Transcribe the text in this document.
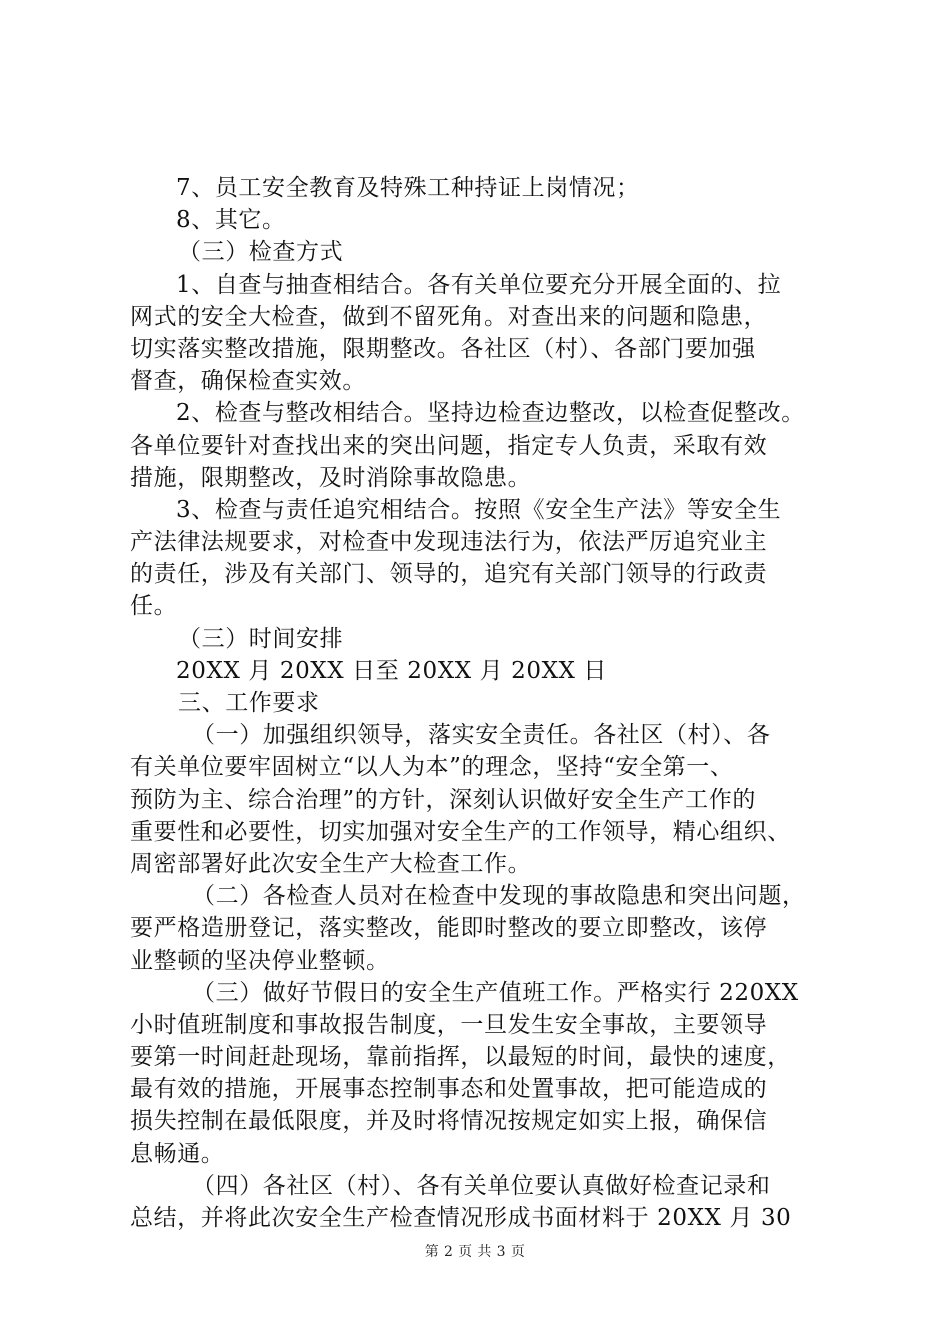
7、员工安全教育及特殊工种持证上岗情况；
8、其它。
（三）检查方式
1、自查与抽查相结合。各有关单位要充分开展全面的、拉
网式的安全大检查，做到不留死角。对查出来的问题和隐患，
切实落实整改措施，限期整改。各社区（村）、各部门要加强
督查，确保检查实效。
2、检查与整改相结合。坚持边检查边整改，以检查促整改。
各单位要针对查找出来的突出问题，指定专人负责，采取有效
措施，限期整改，及时消除事故隐患。
3、检查与责任追究相结合。按照《安全生产法》等安全生
产法律法规要求，对检查中发现违法行为，依法严厉追究业主
的责任，涉及有关部门、领导的，追究有关部门领导的行政责
任。
（三）时间安排
20XX 月 20XX 日至 20XX 月 20XX 日
三、工作要求
（一）加强组织领导，落实安全责任。各社区（村）、各
有关单位要牢固树立“以人为本”的理念，坚持“安全第一、
预防为主、综合治理”的方针，深刻认识做好安全生产工作的
重要性和必要性，切实加强对安全生产的工作领导，精心组织、
周密部署好此次安全生产大检查工作。
（二）各检查人员对在检查中发现的事故隐患和突出问题，
要严格造册登记，落实整改，能即时整改的要立即整改，该停
业整顿的坚决停业整顿。
（三）做好节假日的安全生产值班工作。严格实行 220XX
小时值班制度和事故报告制度，一旦发生安全事故，主要领导
要第一时间赶赴现场，靠前指挥，以最短的时间，最快的速度，
最有效的措施，开展事态控制事态和处置事故，把可能造成的
损失控制在最低限度，并及时将情况按规定如实上报，确保信
息畅通。
（四）各社区（村）、各有关单位要认真做好检查记录和
总结，并将此次安全生产检查情况形成书面材料于 20XX 月 30
第 2 页 共 3 页
